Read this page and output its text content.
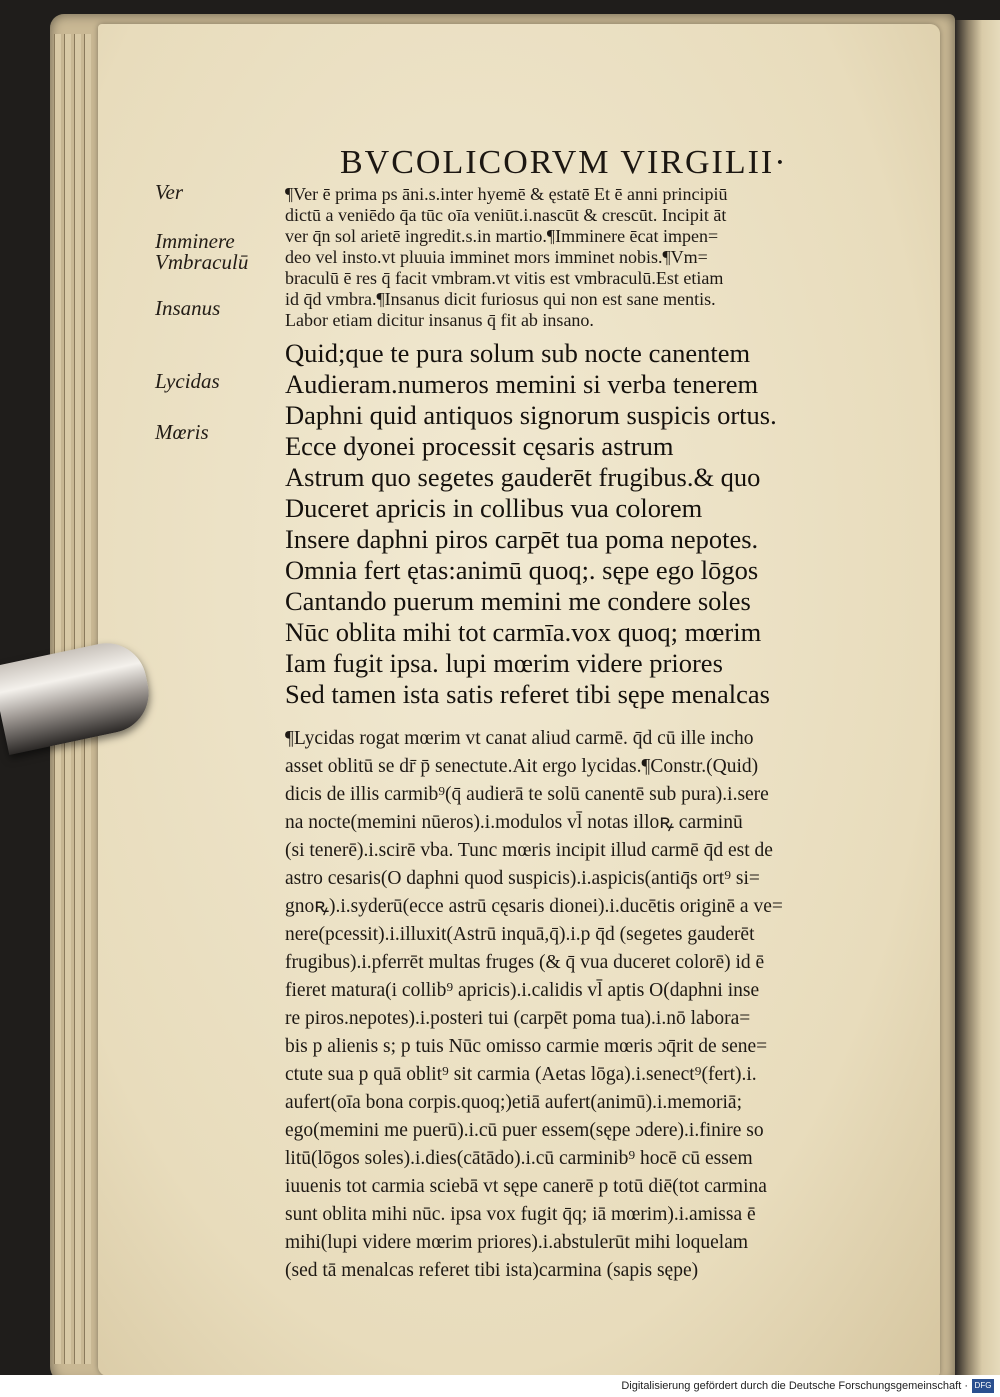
BVCOLICORVM VIRGILII·
Ver
Imminere
Vmbraculū
Insanus
Lycidas
Mœris
¶Ver ē prima ps āni.s.inter hyemē & ęstatē Et ē anni principiū
dictū a veniēdo q̄a tūc oīa veniūt.i.nascūt & crescūt. Incipit āt
ver q̄n sol arietē ingredit.s.in martio.¶Imminere ēcat impen=
deo vel insto.vt pluuia imminet mors imminet nobis.¶Vm=
braculū ē res q̄ facit vmbram.vt vitis est vmbraculū.Est etiam
id q̄d vmbra.¶Insanus dicit furiosus qui non est sane mentis.
Labor etiam dicitur insanus q̄ fit ab insano.
Quid;que te pura solum sub nocte canentem
Audieram.numeros memini si verba tenerem
Daphni quid antiquos signorum suspicis ortus.
Ecce dyonei processit cęsaris astrum
Astrum quo segetes gauderēt frugibus.& quo
Duceret apricis in collibus vua colorem
Insere daphni piros carpēt tua poma nepotes.
Omnia fert ętas:animū quoq;. sępe ego lōgos
Cantando puerum memini me condere soles
Nūc oblita mihi tot carmīa.vox quoq; mœrim
Iam fugit ipsa. lupi mœrim videre priores
Sed tamen ista satis referet tibi sępe menalcas
¶Lycidas rogat mœrim vt canat aliud carmē. q̄d cū ille incho
asset oblitū se dr̄ p̄ senectute.Ait ergo lycidas.¶Constr.(Quid)
dicis de illis carmib⁹(q̄ audierā te solū canentē sub pura).i.sere
na nocte(memini nūeros).i.modulos vl̄ notas illoꝶ carminū
(si tenerē).i.scirē vba. Tunc mœris incipit illud carmē q̄d est de
astro cesaris(O daphni quod suspicis).i.aspicis(antiq̄s ort⁹ si=
gnoꝶ).i.syderū(ecce astrū cęsaris dionei).i.ducētis originē a ve=
nere(pcessit).i.illuxit(Astrū inquā,q̄).i.p q̄d (segetes gauderēt
frugibus).i.pferrēt multas fruges (& q̄ vua duceret colorē) id ē
fieret matura(i collib⁹ apricis).i.calidis vl̄ aptis O(daphni inse
re piros.nepotes).i.posteri tui (carpēt poma tua).i.nō labora=
bis p alienis s; p tuis Nūc omisso carmie mœris ɔq̄rit de sene=
ctute sua p quā oblit⁹ sit carmia (Aetas lōga).i.senect⁹(fert).i.
aufert(oīa bona corpis.quoq;)etiā aufert(animū).i.memoriā;
ego(memini me puerū).i.cū puer essem(sępe ɔdere).i.finire so
litū(lōgos soles).i.dies(cātādo).i.cū carminib⁹ hocē cū essem
iuuenis tot carmia sciebā vt sępe canerē p totū diē(tot carmina
sunt oblita mihi nūc. ipsa vox fugit q̄q; iā mœrim).i.amissa ē
mihi(lupi videre mœrim priores).i.abstulerūt mihi loquelam
(sed tā menalcas referet tibi ista)carmina (sapis sępe)
Digitalisierung gefördert durch die Deutsche Forschungsgemeinschaft · DFG
